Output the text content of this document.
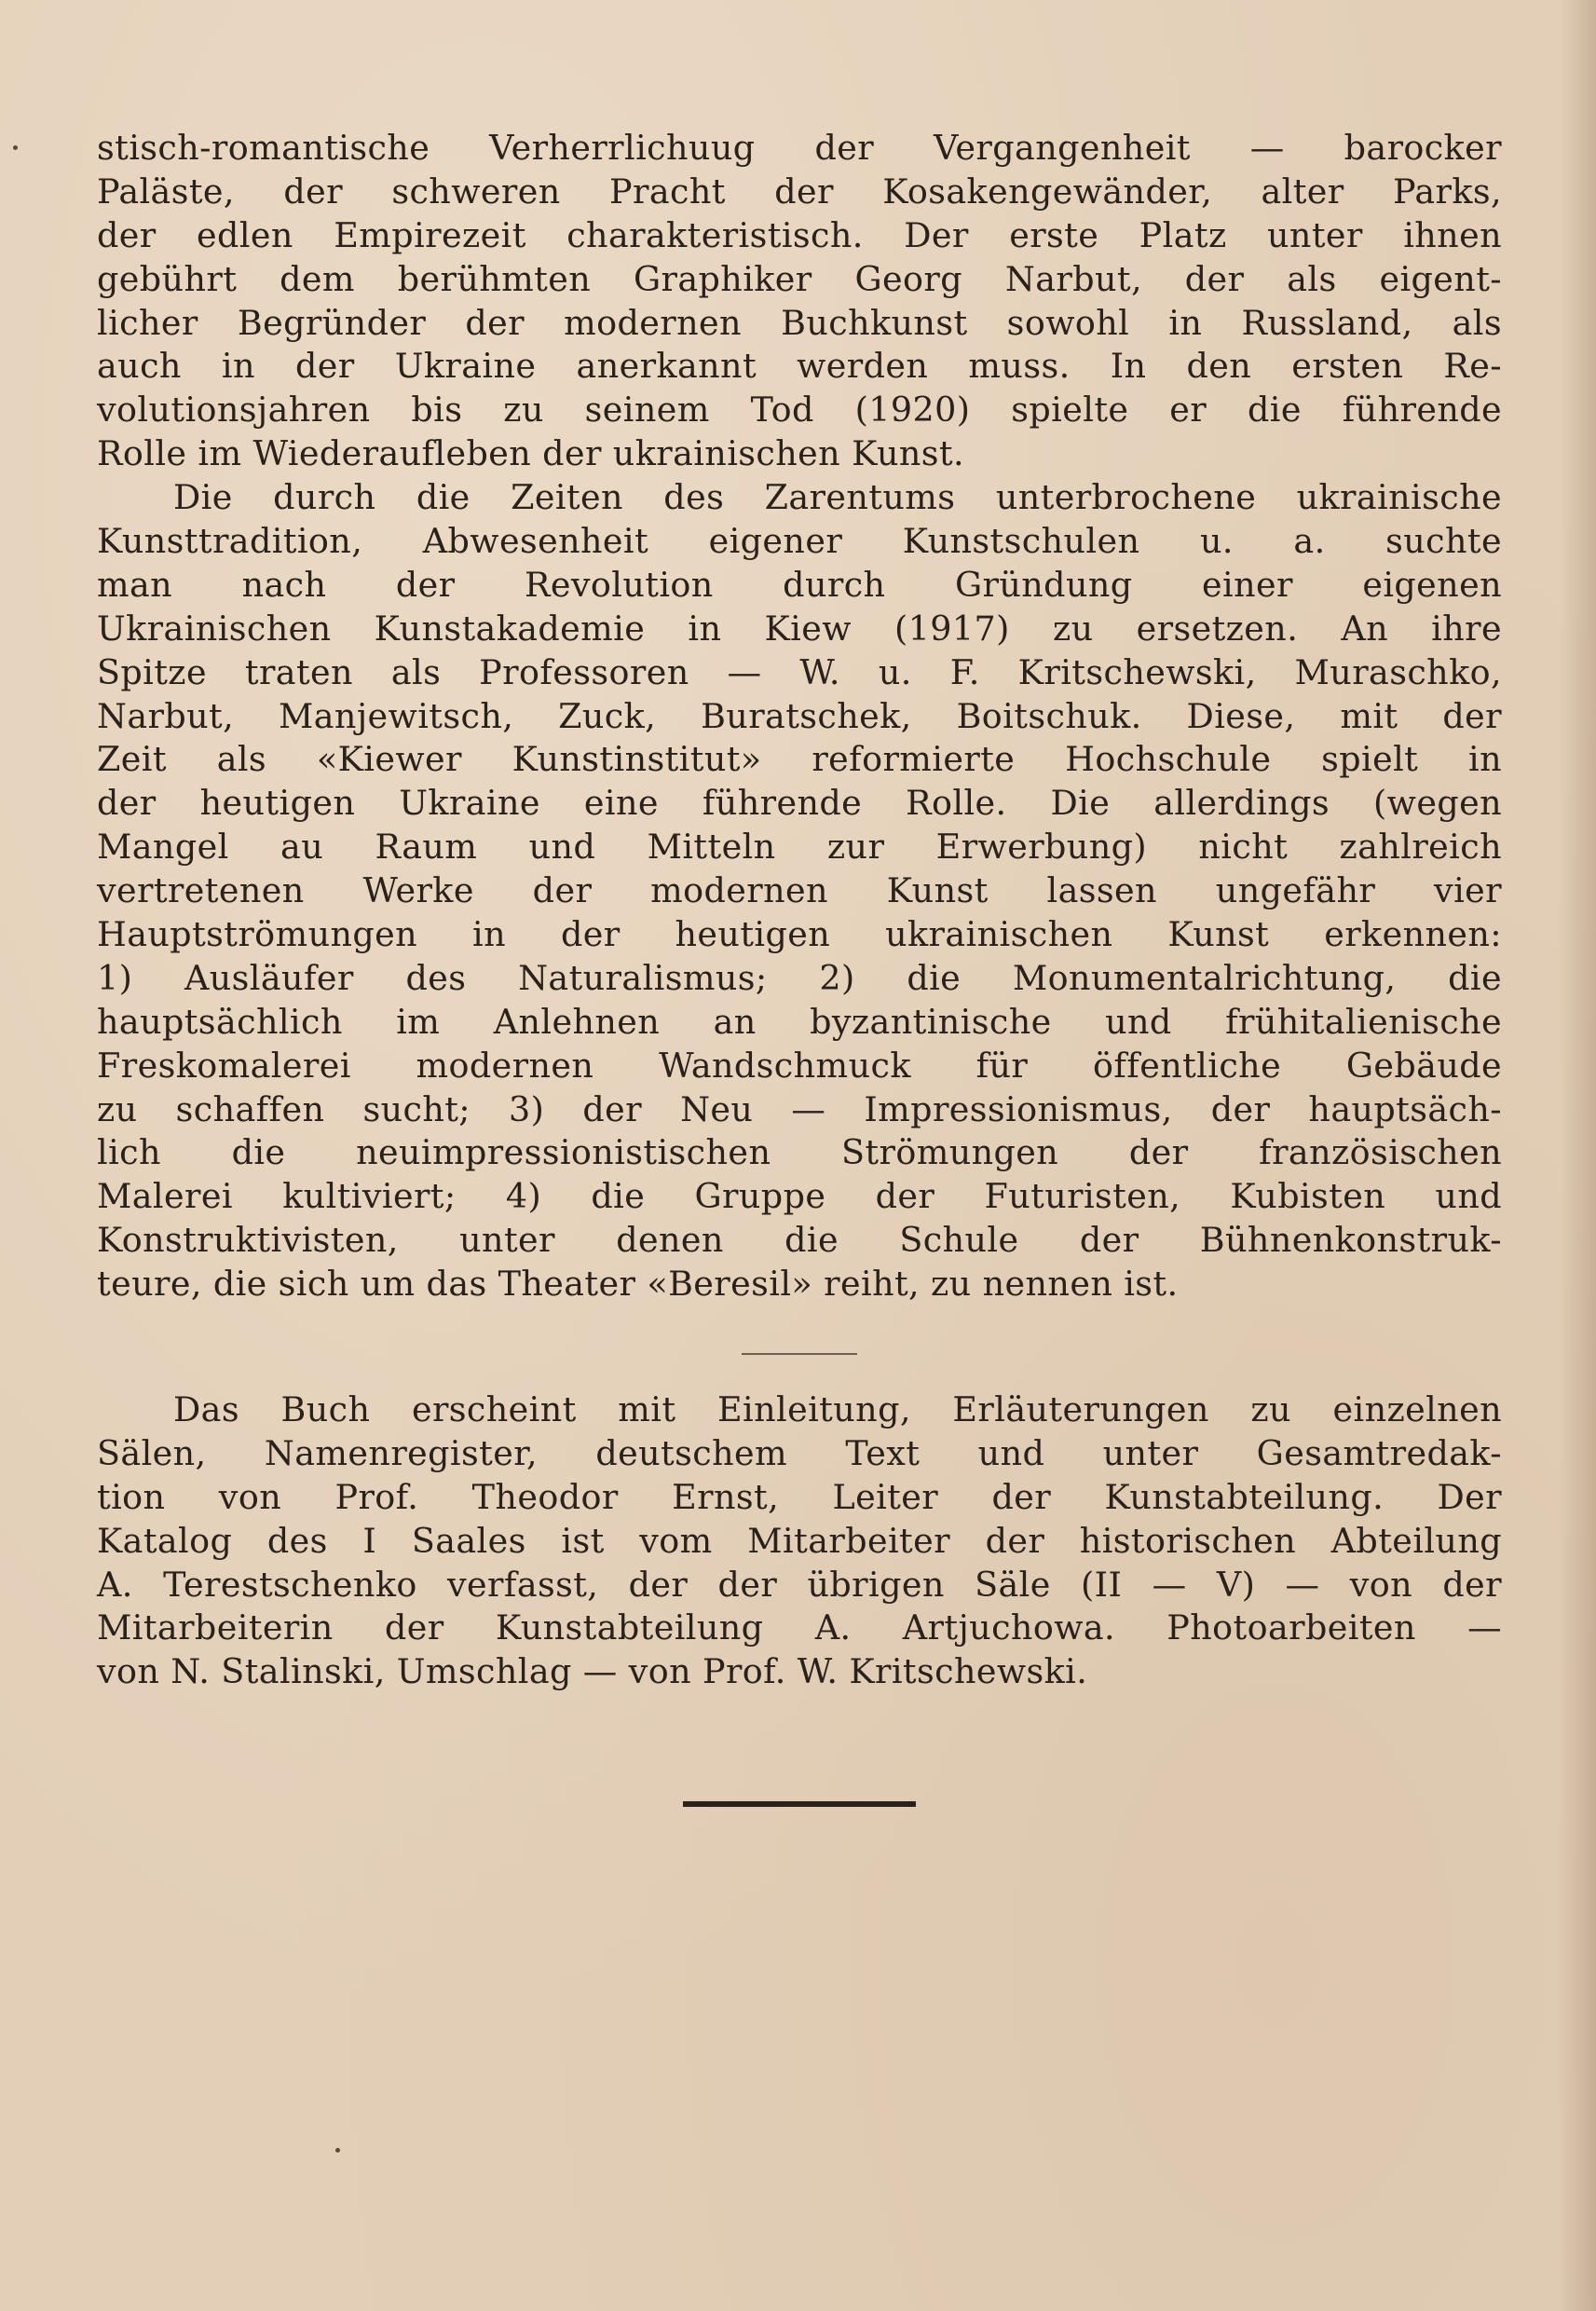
stisch-romantische Verherrlichuug der Vergangenheit — barocker
Paläste, der schweren Pracht der Kosakengewänder, alter Parks,
der edlen Empirezeit charakteristisch. Der erste Platz unter ihnen
gebührt dem berühmten Graphiker Georg Narbut, der als eigent-
licher Begründer der modernen Buchkunst sowohl in Russland, als
auch in der Ukraine anerkannt werden muss. In den ersten Re-
volutionsjahren bis zu seinem Tod (1920) spielte er die führende
Rolle im Wiederaufleben der ukrainischen Kunst.
Die durch die Zeiten des Zarentums unterbrochene ukrainische
Kunsttradition, Abwesenheit eigener Kunstschulen u. a. suchte
man nach der Revolution durch Gründung einer eigenen
Ukrainischen Kunstakademie in Kiew (1917) zu ersetzen. An ihre
Spitze traten als Professoren — W. u. F. Kritschewski, Muraschko,
Narbut, Manjewitsch, Zuck, Buratschek, Boitschuk. Diese, mit der
Zeit als «Kiewer Kunstinstitut» reformierte Hochschule spielt in
der heutigen Ukraine eine führende Rolle. Die allerdings (wegen
Mangel au Raum und Mitteln zur Erwerbung) nicht zahlreich
vertretenen Werke der modernen Kunst lassen ungefähr vier
Hauptströmungen in der heutigen ukrainischen Kunst erkennen:
1) Ausläufer des Naturalismus; 2) die Monumentalrichtung, die
hauptsächlich im Anlehnen an byzantinische und frühitalienische
Freskomalerei modernen Wandschmuck für öffentliche Gebäude
zu schaffen sucht; 3) der Neu — Impressionismus, der hauptsäch-
lich die neuimpressionistischen Strömungen der französischen
Malerei kultiviert; 4) die Gruppe der Futuristen, Kubisten und
Konstruktivisten, unter denen die Schule der Bühnenkonstruk-
teure, die sich um das Theater «Beresil» reiht, zu nennen ist.
Das Buch erscheint mit Einleitung, Erläuterungen zu einzelnen
Sälen, Namenregister, deutschem Text und unter Gesamtredak-
tion von Prof. Theodor Ernst, Leiter der Kunstabteilung. Der
Katalog des I Saales ist vom Mitarbeiter der historischen Abteilung
A. Terestschenko verfasst, der der übrigen Säle (II — V) — von der
Mitarbeiterin der Kunstabteilung A. Artjuchowa. Photoarbeiten —
von N. Stalinski, Umschlag — von Prof. W. Kritschewski.
